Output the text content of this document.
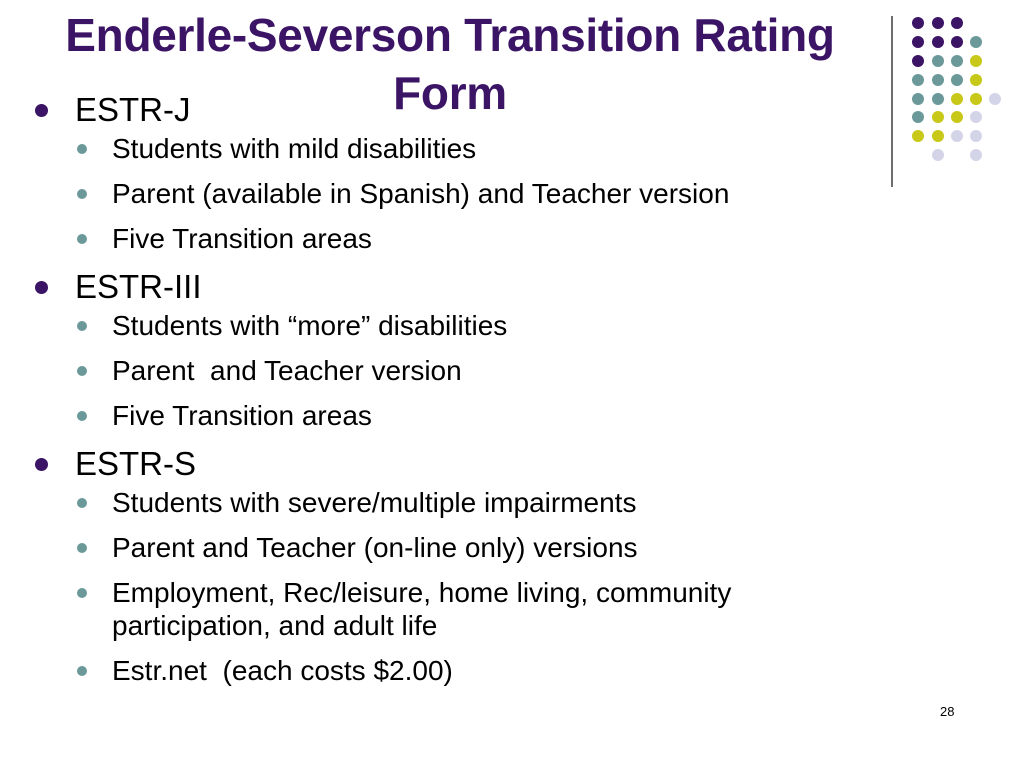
Enderle-Severson Transition Rating Form
ESTR-J
Students with mild disabilities
Parent (available in Spanish) and Teacher version
Five Transition areas
ESTR-III
Students with “more” disabilities
Parent  and Teacher version
Five Transition areas
ESTR-S
Students with severe/multiple impairments
Parent and Teacher (on-line only) versions
Employment, Rec/leisure, home living, community participation, and adult life
Estr.net  (each costs $2.00)
28
